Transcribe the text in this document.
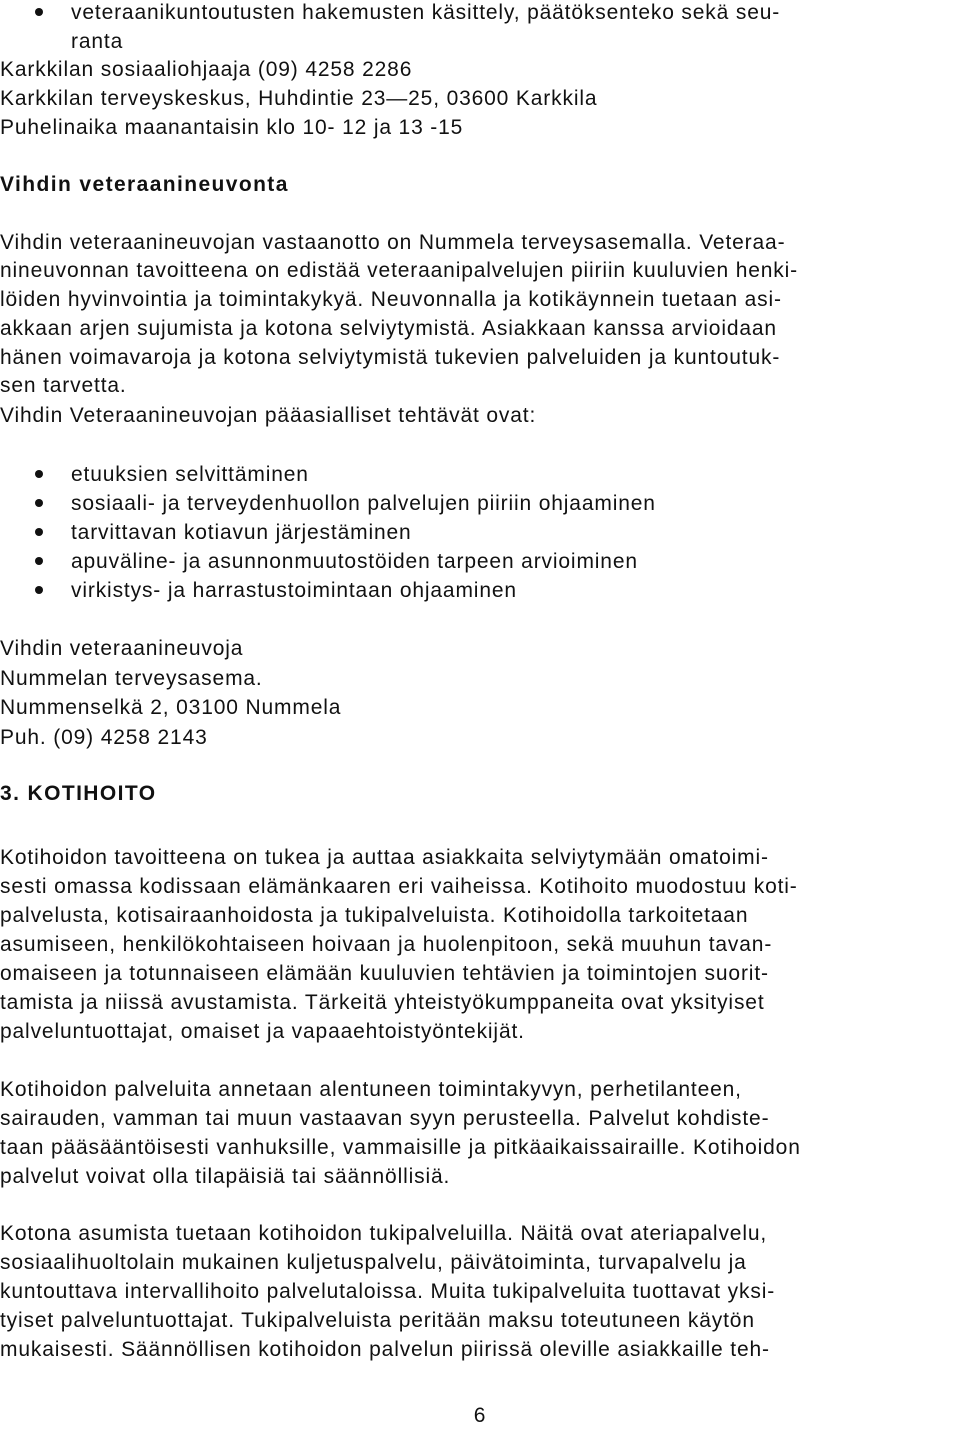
veteraanikuntoutusten hakemusten käsittely, päätöksenteko sekä seu-
ranta
Karkkilan sosiaaliohjaaja (09) 4258 2286
Karkkilan terveyskeskus, Huhdintie 23—25, 03600 Karkkila
Puhelinaika maanantaisin klo 10- 12 ja 13 -15
Vihdin veteraanineuvonta
Vihdin veteraanineuvojan vastaanotto on Nummela terveysasemalla. Veteraa-
nineuvonnan tavoitteena on edistää veteraanipalvelujen piiriin kuuluvien henki-
löiden hyvinvointia ja toimintakykyä. Neuvonnalla ja kotikäynnein tuetaan asi-
akkaan arjen sujumista ja kotona selviytymistä. Asiakkaan kanssa arvioidaan
hänen voimavaroja ja kotona selviytymistä tukevien palveluiden ja kuntoutuk-
sen tarvetta.
Vihdin Veteraanineuvojan pääasialliset tehtävät ovat:
etuuksien selvittäminen
sosiaali- ja terveydenhuollon palvelujen piiriin ohjaaminen
tarvittavan kotiavun järjestäminen
apuväline- ja asunnonmuutostöiden tarpeen arvioiminen
virkistys- ja harrastustoimintaan ohjaaminen
Vihdin veteraanineuvoja
Nummelan terveysasema.
Nummenselkä 2, 03100 Nummela
Puh. (09) 4258 2143
3. KOTIHOITO
Kotihoidon tavoitteena on tukea ja auttaa asiakkaita selviytymään omatoimi-
sesti omassa kodissaan elämänkaaren eri vaiheissa. Kotihoito muodostuu koti-
palvelusta, kotisairaanhoidosta ja tukipalveluista. Kotihoidolla tarkoitetaan
asumiseen, henkilökohtaiseen hoivaan ja huolenpitoon, sekä muuhun tavan-
omaiseen ja totunnaiseen elämään kuuluvien tehtävien ja toimintojen suorit-
tamista ja niissä avustamista. Tärkeitä yhteistyökumppaneita ovat yksityiset
palveluntuottajat, omaiset ja vapaaehtoistyöntekijät.
Kotihoidon palveluita annetaan alentuneen toimintakyvyn, perhetilanteen,
sairauden, vamman tai muun vastaavan syyn perusteella. Palvelut kohdiste-
taan pääsääntöisesti vanhuksille, vammaisille ja pitkäaikaissairaille. Kotihoidon
palvelut voivat olla tilapäisiä tai säännöllisiä.
Kotona asumista tuetaan kotihoidon tukipalveluilla. Näitä ovat ateriapalvelu,
sosiaalihuoltolain mukainen kuljetuspalvelu, päivätoiminta, turvapalvelu ja
kuntouttava intervallihoito palvelutaloissa. Muita tukipalveluita tuottavat yksi-
tyiset palveluntuottajat. Tukipalveluista peritään maksu toteutuneen käytön
mukaisesti. Säännöllisen kotihoidon palvelun piirissä oleville asiakkaille teh-
6
